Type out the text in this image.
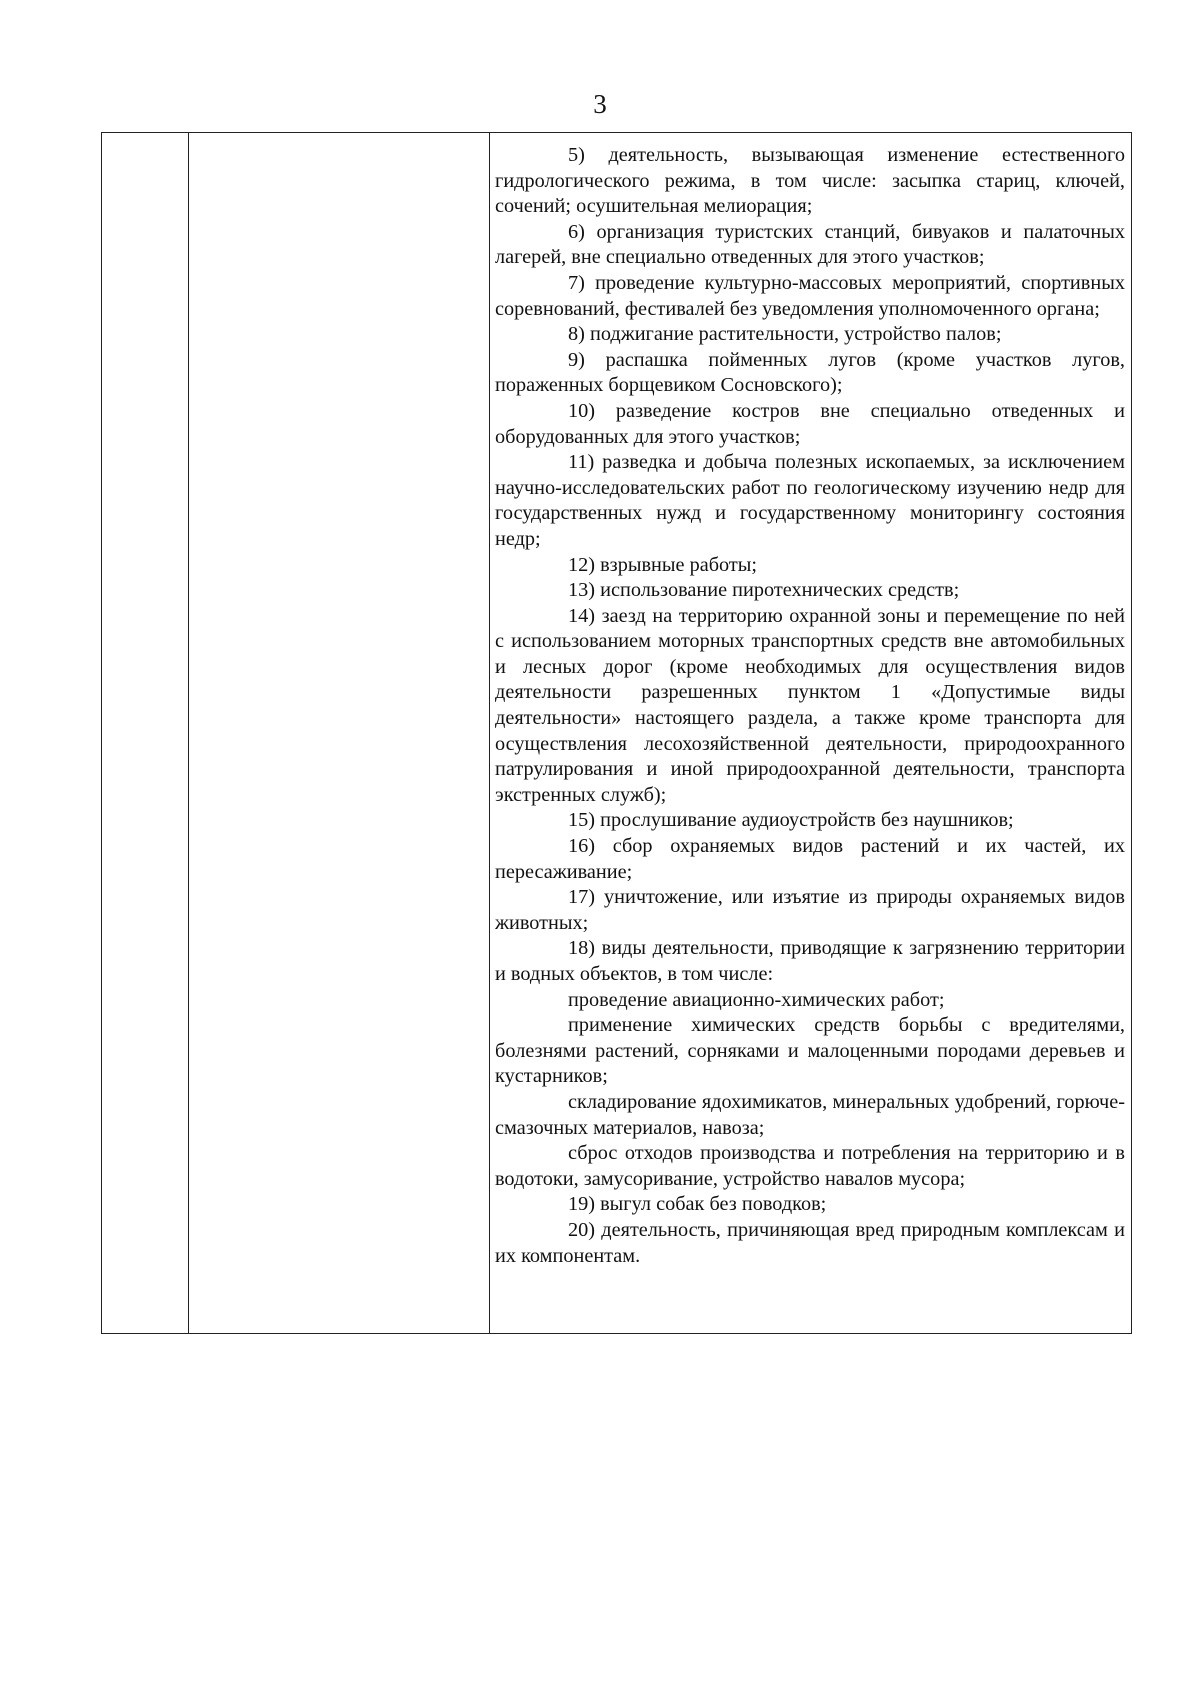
3

5) деятельность, вызывающая изменение естественного гидрологического режима, в том числе: засыпка стариц, ключей, сочений; осушительная мелиорация;

6) организация туристских станций, бивуаков и палаточных лагерей, вне специально отведенных для этого участков;

7) проведение культурно-массовых мероприятий, спортивных соревнований, фестивалей без уведомления уполномоченного органа;

8) поджигание растительности, устройство палов;

9) распашка пойменных лугов (кроме участков лугов, пораженных борщевиком Сосновского);

10) разведение костров вне специально отведенных и оборудованных для этого участков;

11) разведка и добыча полезных ископаемых, за исключением научно-исследовательских работ по геологическому изучению недр для государственных нужд и государственному мониторингу состояния недр;

12) взрывные работы;

13) использование пиротехнических средств;

14) заезд на территорию охранной зоны и перемещение по ней с использованием моторных транспортных средств вне автомобильных и лесных дорог (кроме необходимых для осуществления видов деятельности разрешенных пунктом 1 «Допустимые виды деятельности» настоящего раздела, а также кроме транспорта для осуществления лесохозяйственной деятельности, природоохранного патрулирования и иной природоохранной деятельности, транспорта экстренных служб);

15) прослушивание аудиоустройств без наушников;

16) сбор охраняемых видов растений и их частей, их пересаживание;

17) уничтожение, или изъятие из природы охраняемых видов животных;

18) виды деятельности, приводящие к загрязнению территории и водных объектов, в том числе:

проведение авиационно-химических работ;

применение химических средств борьбы с вредителями, болезнями растений, сорняками и малоценными породами деревьев и кустарников;

складирование ядохимикатов, минеральных удобрений, горюче-смазочных материалов, навоза;

сброс отходов производства и потребления на территорию и в водотоки, замусоривание, устройство навалов мусора;

19) выгул собак без поводков;

20) деятельность, причиняющая вред природным комплексам и их компонентам.
